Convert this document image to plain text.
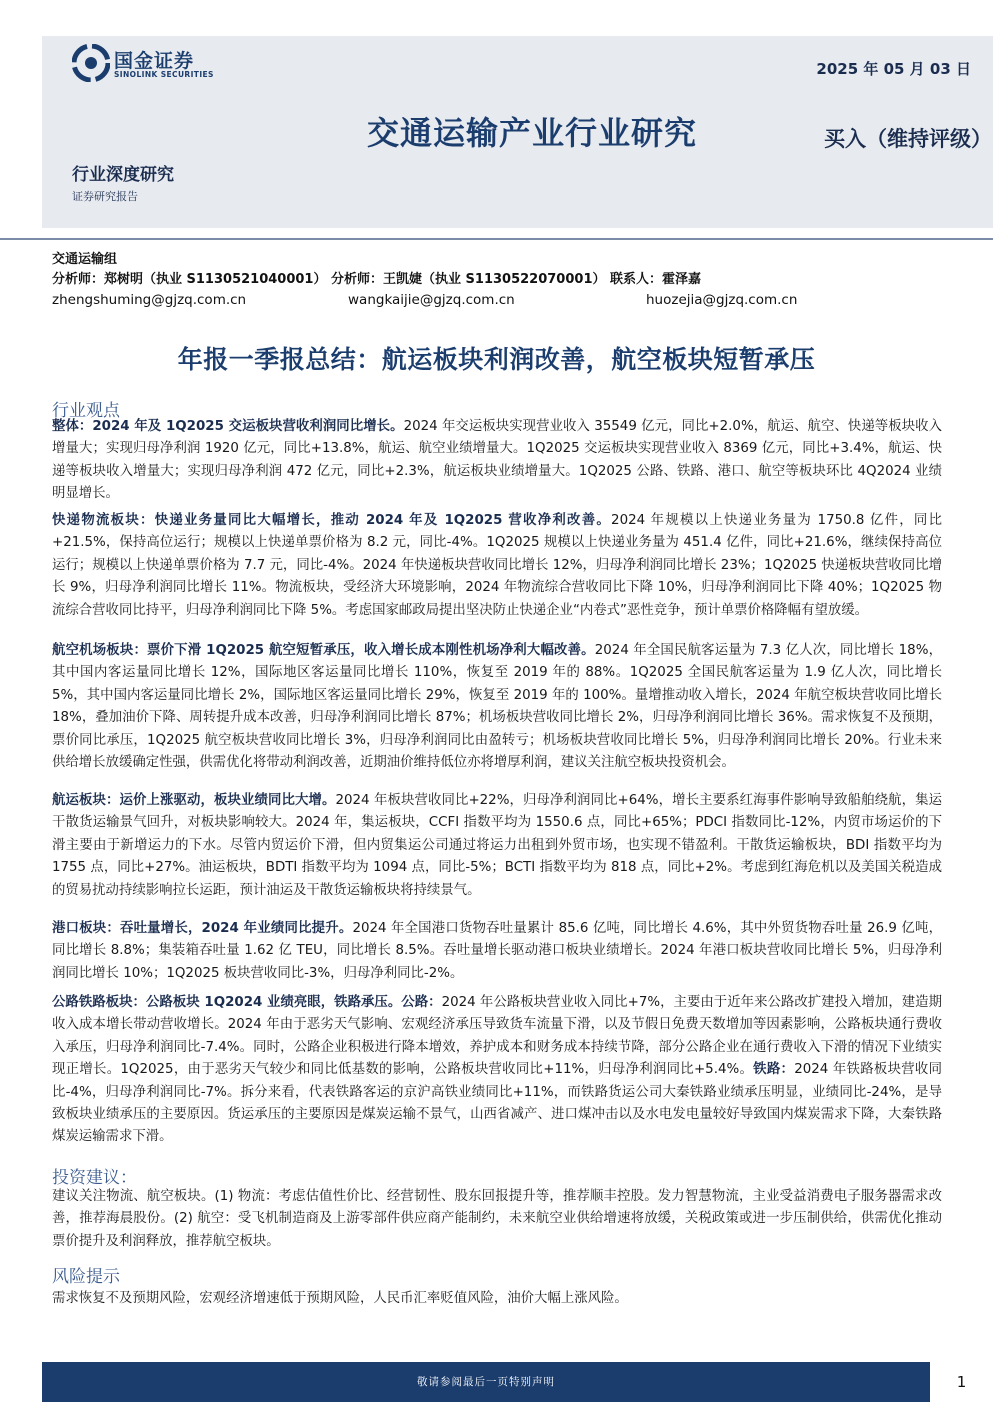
国金证券
SINOLINK SECURITIES	2025 年 05 月 03 日
交通运输产业行业研究	买入（维持评级）
行业深度研究
证券研究报告
交通运输组
分析师：郑树明（执业 S1130521040001） 分析师：王凯婕（执业 S1130522070001） 联系人：霍泽嘉
zhengshuming@gjzq.com.cn	wangkaijie@gjzq.com.cn	huozejia@gjzq.com.cn
年报一季报总结：航运板块利润改善，航空板块短暂承压
行业观点
整体：2024 年及 1Q2025 交运板块营收利润同比增长。2024 年交运板块实现营业收入 35549 亿元，同比+2.0%，航运、航空、快递等板块收入增量大；实现归母净利润 1920 亿元，同比+13.8%，航运、航空业绩增量大。1Q2025 交运板块实现营业收入 8369 亿元，同比+3.4%，航运、快递等板块收入增量大；实现归母净利润 472 亿元，同比+2.3%，航运板块业绩增量大。1Q2025 公路、铁路、港口、航空等板块环比 4Q2024 业绩明显增长。
快递物流板块：快递业务量同比大幅增长，推动 2024 年及 1Q2025 营收净利改善。2024 年规模以上快递业务量为 1750.8 亿件，同比+21.5%，保持高位运行；规模以上快递单票价格为 8.2 元，同比-4%。1Q2025 规模以上快递业务量为 451.4 亿件，同比+21.6%，继续保持高位运行；规模以上快递单票价格为 7.7 元，同比-4%。2024 年快递板块营收同比增长 12%，归母净利润同比增长 23%；1Q2025 快递板块营收同比增长 9%，归母净利润同比增长 11%。物流板块，受经济大环境影响，2024 年物流综合营收同比下降 10%，归母净利润同比下降 40%；1Q2025 物流综合营收同比持平，归母净利润同比下降 5%。考虑国家邮政局提出坚决防止快递企业“内卷式”恶性竞争，预计单票价格降幅有望放缓。
航空机场板块：票价下滑 1Q2025 航空短暂承压，收入增长成本刚性机场净利大幅改善。2024 年全国民航客运量为 7.3 亿人次，同比增长 18%，其中国内客运量同比增长 12%，国际地区客运量同比增长 110%，恢复至 2019 年的 88%。1Q2025 全国民航客运量为 1.9 亿人次，同比增长 5%，其中国内客运量同比增长 2%，国际地区客运量同比增长 29%，恢复至 2019 年的 100%。量增推动收入增长，2024 年航空板块营收同比增长 18%，叠加油价下降、周转提升成本改善，归母净利润同比增长 87%；机场板块营收同比增长 2%，归母净利润同比增长 36%。需求恢复不及预期，票价同比承压，1Q2025 航空板块营收同比增长 3%，归母净利润同比由盈转亏；机场板块营收同比增长 5%，归母净利润同比增长 20%。行业未来供给增长放缓确定性强，供需优化将带动利润改善，近期油价维持低位亦将增厚利润，建议关注航空板块投资机会。
航运板块：运价上涨驱动，板块业绩同比大增。2024 年板块营收同比+22%，归母净利润同比+64%，增长主要系红海事件影响导致船舶绕航，集运干散货运输景气回升，对板块影响较大。2024 年，集运板块，CCFI 指数平均为 1550.6 点，同比+65%；PDCI 指数同比-12%，内贸市场运价的下滑主要由于新增运力的下水。尽管内贸运价下滑，但内贸集运公司通过将运力出租到外贸市场，也实现不错盈利。干散货运输板块，BDI 指数平均为 1755 点，同比+27%。油运板块，BDTI 指数平均为 1094 点，同比-5%；BCTI 指数平均为 818 点，同比+2%。考虑到红海危机以及美国关税造成的贸易扰动持续影响拉长运距，预计油运及干散货运输板块将持续景气。
港口板块：吞吐量增长，2024 年业绩同比提升。2024 年全国港口货物吞吐量累计 85.6 亿吨，同比增长 4.6%，其中外贸货物吞吐量 26.9 亿吨，同比增长 8.8%；集装箱吞吐量 1.62 亿 TEU，同比增长 8.5%。吞吐量增长驱动港口板块业绩增长。2024 年港口板块营收同比增长 5%，归母净利润同比增长 10%；1Q2025 板块营收同比-3%，归母净利同比-2%。
公路铁路板块：公路板块 1Q2024 业绩亮眼，铁路承压。公路：2024 年公路板块营业收入同比+7%，主要由于近年来公路改扩建投入增加，建造期收入成本增长带动营收增长。2024 年由于恶劣天气影响、宏观经济承压导致货车流量下滑，以及节假日免费天数增加等因素影响，公路板块通行费收入承压，归母净利润同比-7.4%。同时，公路企业积极进行降本增效，养护成本和财务成本持续节降，部分公路企业在通行费收入下滑的情况下业绩实现正增长。1Q2025，由于恶劣天气较少和同比低基数的影响，公路板块营收同比+11%，归母净利润同比+5.4%。铁路：2024 年铁路板块营收同比-4%，归母净利润同比-7%。拆分来看，代表铁路客运的京沪高铁业绩同比+11%，而铁路货运公司大秦铁路业绩承压明显，业绩同比-24%，是导致板块业绩承压的主要原因。货运承压的主要原因是煤炭运输不景气，山西省减产、进口煤冲击以及水电发电量较好导致国内煤炭需求下降，大秦铁路煤炭运输需求下滑。
投资建议：
建议关注物流、航空板块。(1) 物流：考虑估值性价比、经营韧性、股东回报提升等，推荐顺丰控股。发力智慧物流，主业受益消费电子服务器需求改善，推荐海晨股份。(2) 航空：受飞机制造商及上游零部件供应商产能制约，未来航空业供给增速将放缓，关税政策或进一步压制供给，供需优化推动票价提升及利润释放，推荐航空板块。
风险提示
需求恢复不及预期风险，宏观经济增速低于预期风险，人民币汇率贬值风险，油价大幅上涨风险。
敬请参阅最后一页特别声明	1
